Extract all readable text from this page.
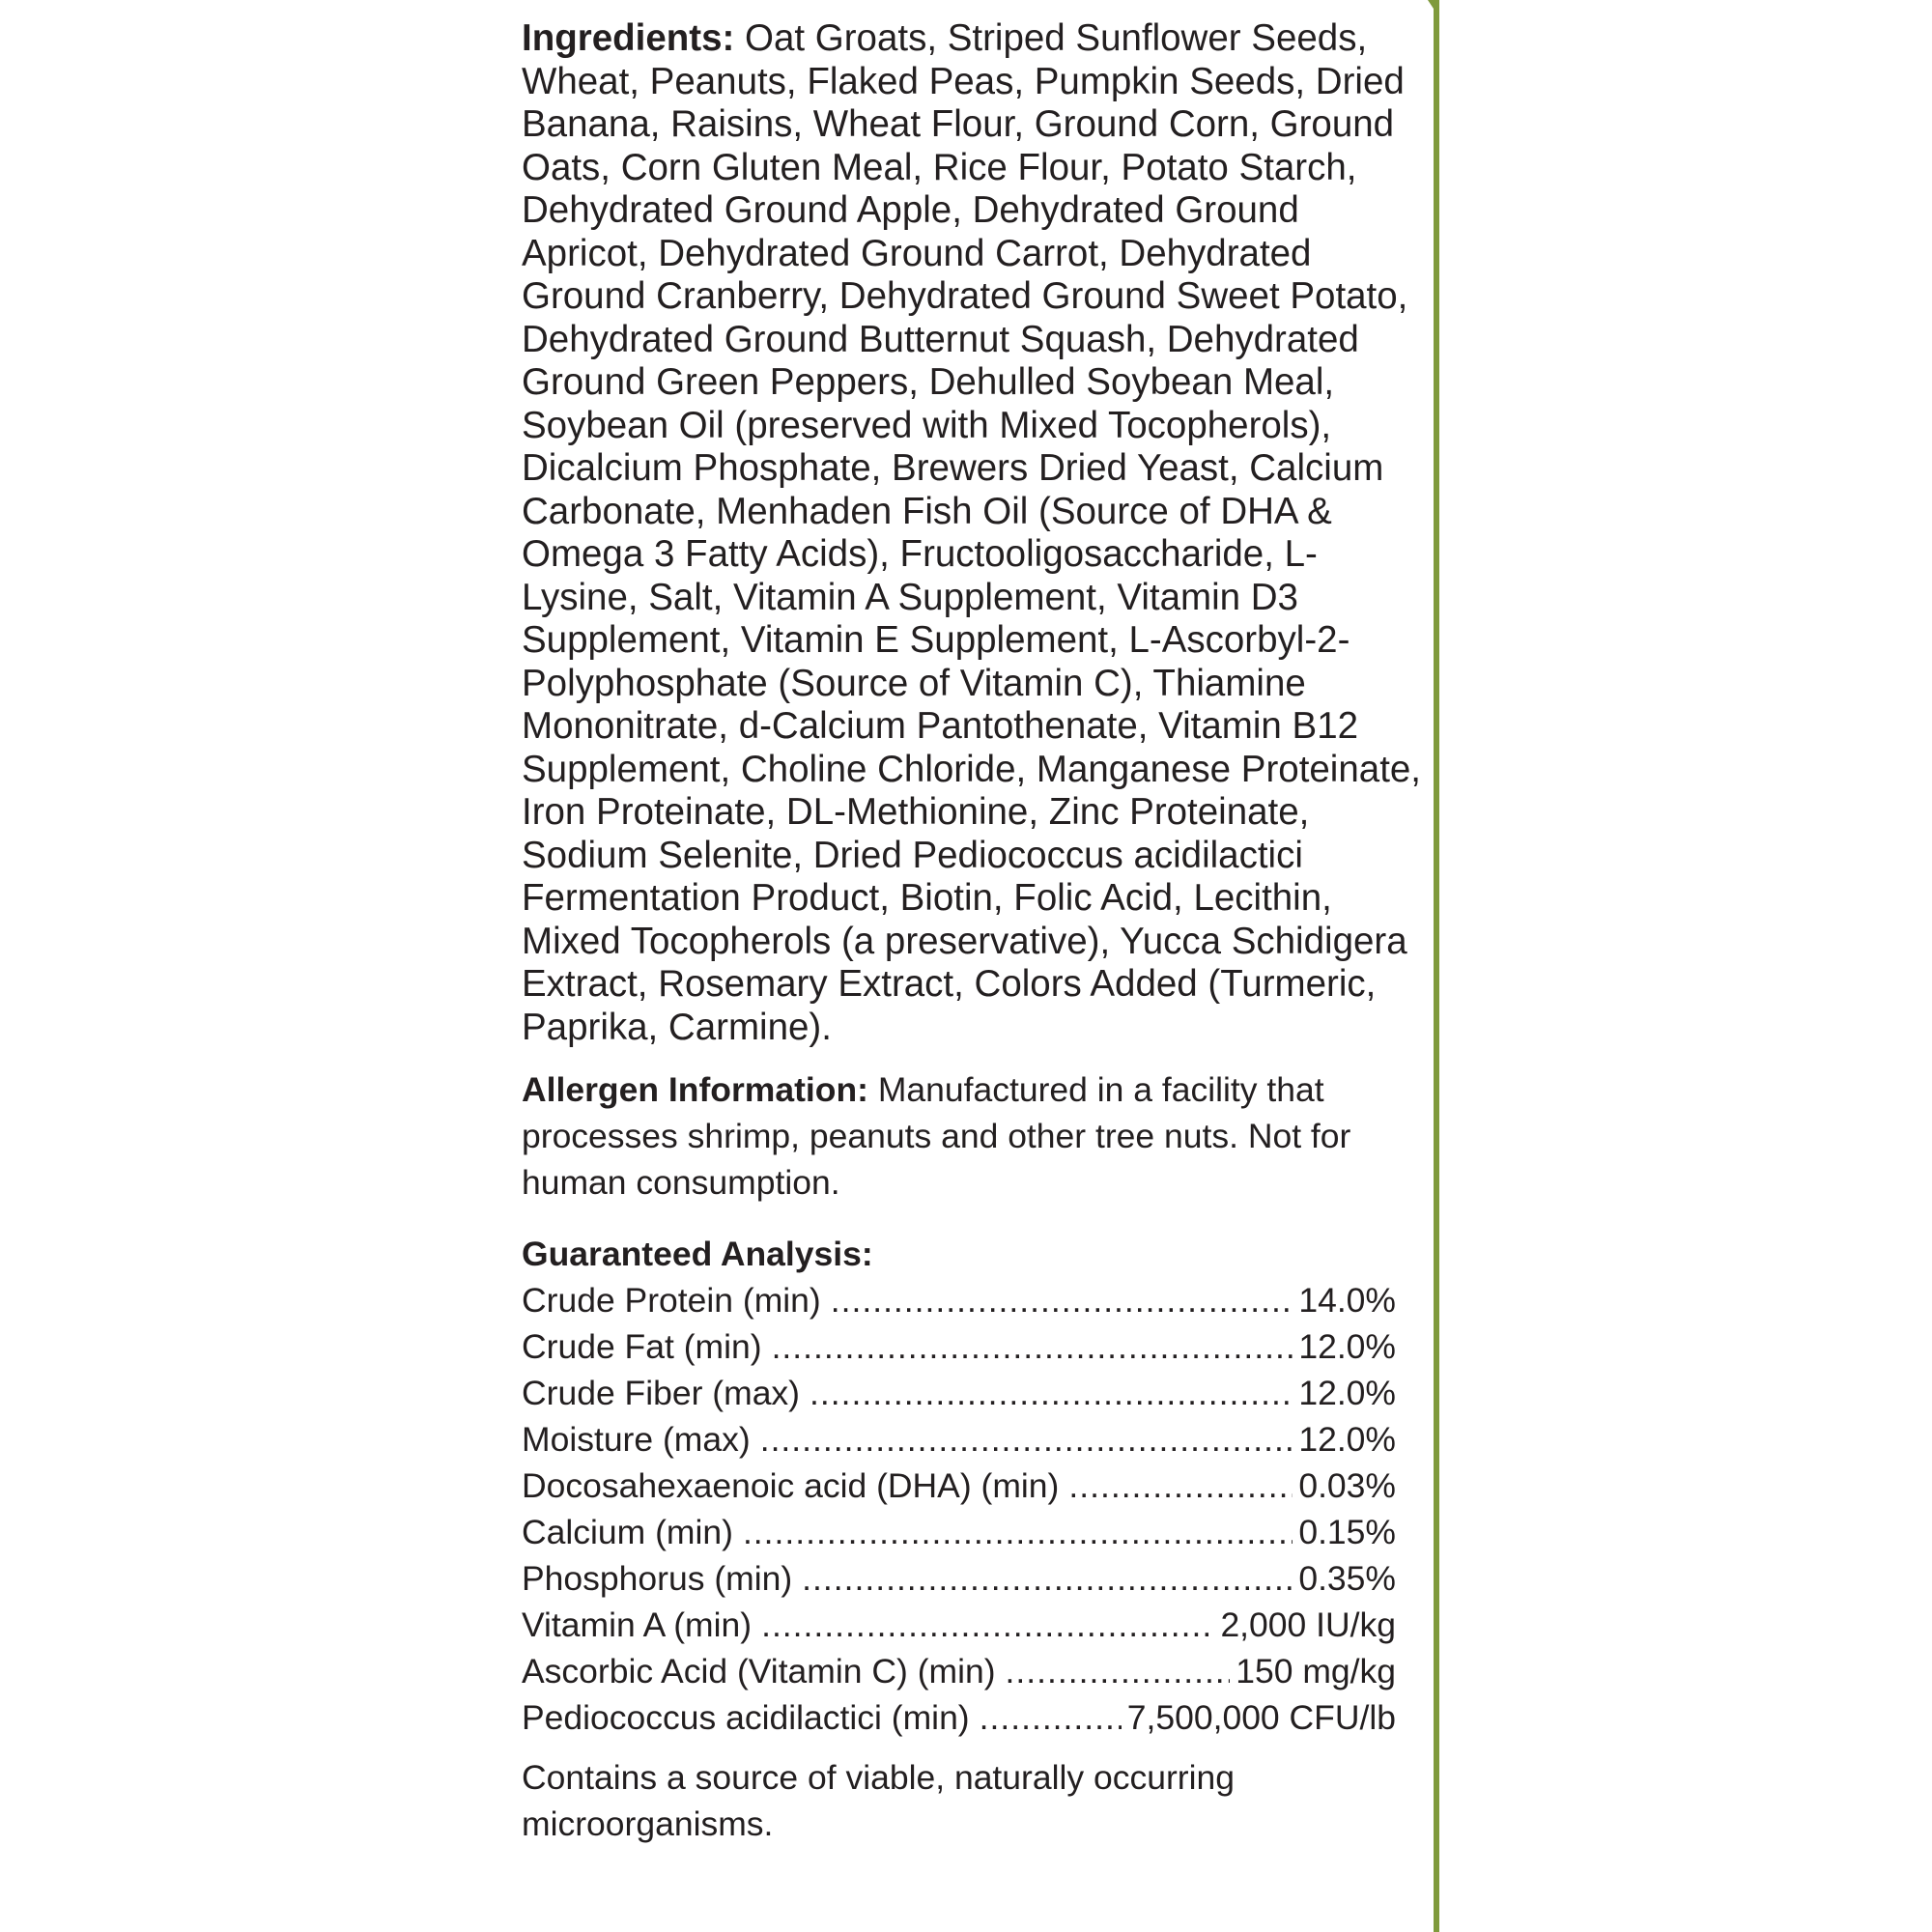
Ingredients: Oat Groats, Striped Sunflower Seeds, Wheat, Peanuts, Flaked Peas, Pumpkin Seeds, Dried Banana, Raisins, Wheat Flour, Ground Corn, Ground Oats, Corn Gluten Meal, Rice Flour, Potato Starch, Dehydrated Ground Apple, Dehydrated Ground Apricot, Dehydrated Ground Carrot, Dehydrated Ground Cranberry, Dehydrated Ground Sweet Potato, Dehydrated Ground Butternut Squash, Dehydrated Ground Green Peppers, Dehulled Soybean Meal, Soybean Oil (preserved with Mixed Tocopherols), Dicalcium Phosphate, Brewers Dried Yeast, Calcium Carbonate, Menhaden Fish Oil (Source of DHA & Omega 3 Fatty Acids), Fructooligosaccharide, L-Lysine, Salt, Vitamin A Supplement, Vitamin D3 Supplement, Vitamin E Supplement, L-Ascorbyl-2-Polyphosphate (Source of Vitamin C), Thiamine Mononitrate, d-Calcium Pantothenate, Vitamin B12 Supplement, Choline Chloride, Manganese Proteinate, Iron Proteinate, DL-Methionine, Zinc Proteinate, Sodium Selenite, Dried Pediococcus acidilactici Fermentation Product, Biotin, Folic Acid, Lecithin, Mixed Tocopherols (a preservative), Yucca Schidigera Extract, Rosemary Extract, Colors Added (Turmeric, Paprika, Carmine).

Allergen Information: Manufactured in a facility that processes shrimp, peanuts and other tree nuts. Not for human consumption.

Guaranteed Analysis:

Crude Protein (min) .....	14.0%
Crude Fat (min) .....	12.0%
Crude Fiber (max) .....	12.0%
Moisture (max) .....	12.0%
Docosahexaenoic acid (DHA) (min) .....	0.03%
Calcium (min) .....	0.15%
Phosphorus (min) .....	0.35%
Vitamin A (min) .....	2,000 IU/kg
Ascorbic Acid (Vitamin C) (min) .....	150 mg/kg
Pediococcus acidilactici (min) .....	7,500,000 CFU/lb

Contains a source of viable, naturally occurring microorganisms.
